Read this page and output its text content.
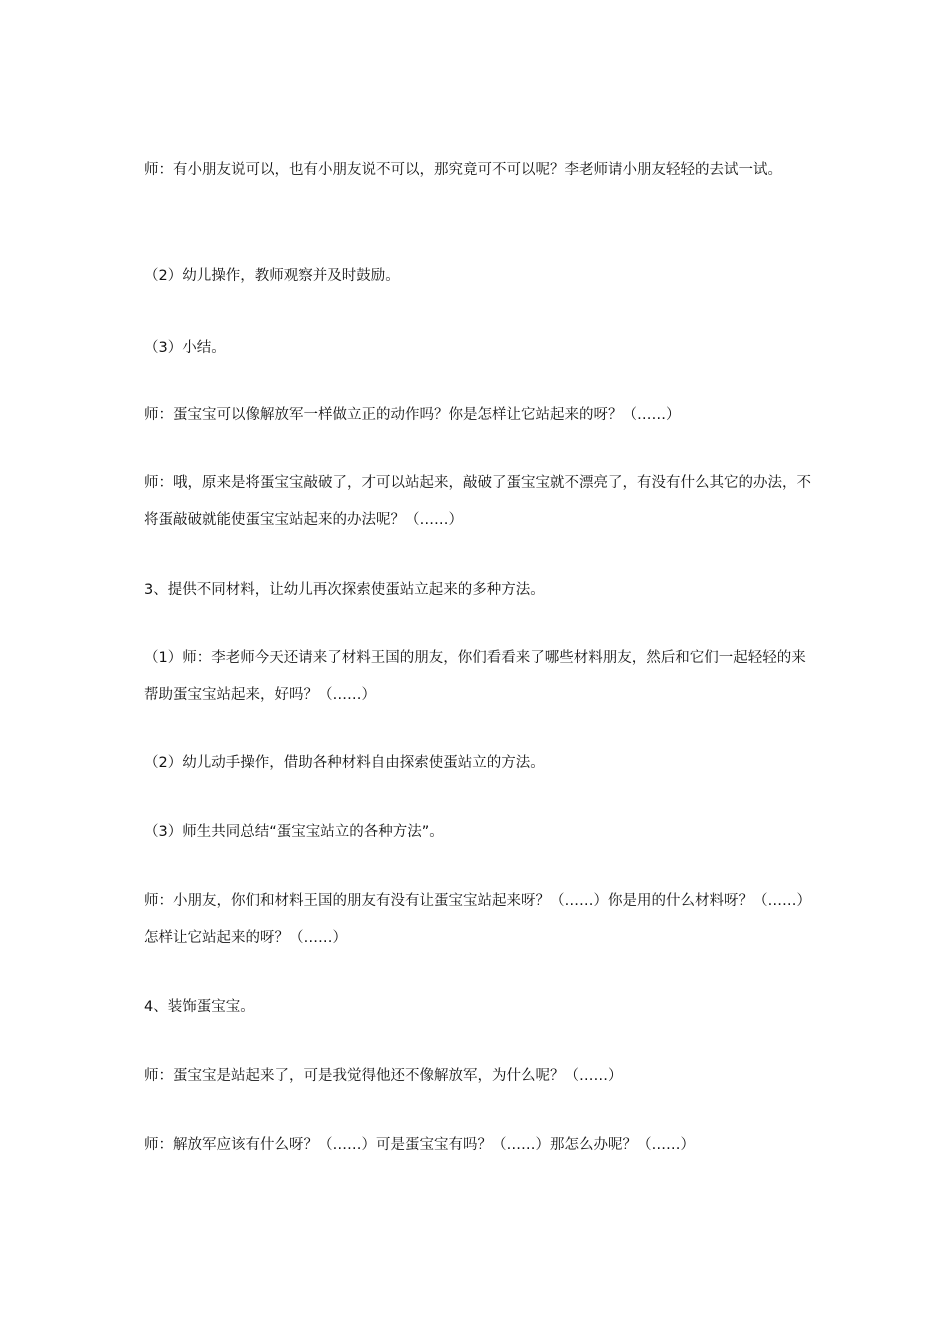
师：有小朋友说可以，也有小朋友说不可以，那究竟可不可以呢？李老师请小朋友轻轻的去试一试。

（2）幼儿操作，教师观察并及时鼓励。

（3）小结。

师：蛋宝宝可以像解放军一样做立正的动作吗？你是怎样让它站起来的呀？（……）

师：哦，原来是将蛋宝宝敲破了，才可以站起来，敲破了蛋宝宝就不漂亮了，有没有什么其它的办法，不将蛋敲破就能使蛋宝宝站起来的办法呢？（……）

3、提供不同材料，让幼儿再次探索使蛋站立起来的多种方法。

（1）师：李老师今天还请来了材料王国的朋友，你们看看来了哪些材料朋友，然后和它们一起轻轻的来帮助蛋宝宝站起来，好吗？（……）

（2）幼儿动手操作，借助各种材料自由探索使蛋站立的方法。

（3）师生共同总结“蛋宝宝站立的各种方法”。

师：小朋友，你们和材料王国的朋友有没有让蛋宝宝站起来呀？（……）你是用的什么材料呀？（……）怎样让它站起来的呀？（……）

4、装饰蛋宝宝。

师：蛋宝宝是站起来了，可是我觉得他还不像解放军，为什么呢？（……）

师：解放军应该有什么呀？（……）可是蛋宝宝有吗？（……）那怎么办呢？（……）
